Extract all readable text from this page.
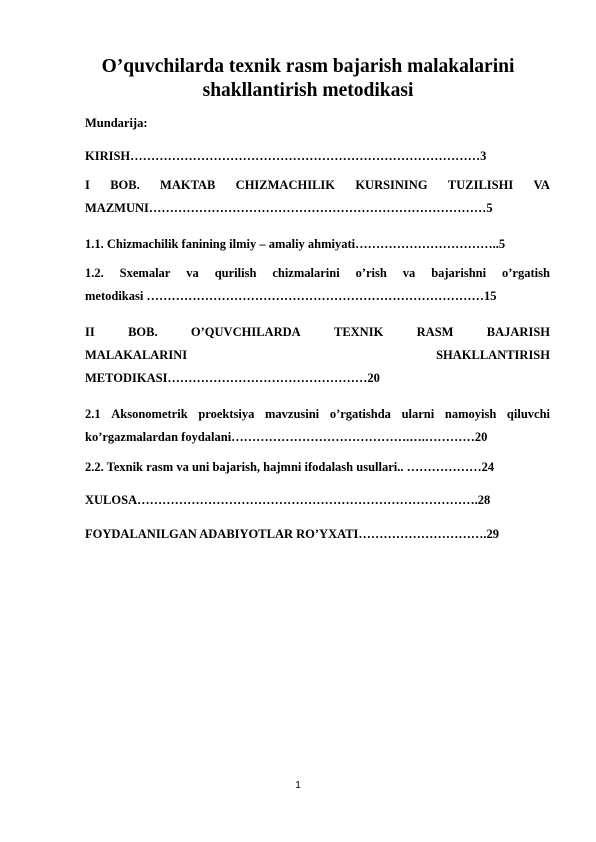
O’quvchilarda texnik rasm bajarish malakalarini
shakllantirish metodikasi
Mundarija:
KIRISH…………………………………………………………………………3
I BOB. MAKTAB CHIZMACHILIK KURSINING TUZILISHI VA
MAZMUNI………………………………………………………………………5
1.1. Chizmachilik fanining ilmiy – amaliy ahmiyati……………………………..5
1.2. Sxemalar va qurilish chizmalarini o’rish va bajarishni o’rgatish
metodikasi ………………………………………………………………………15
II	BOB.	O’QUVCHILARDA	TEXNIK	RASM	BAJARISH
MALAKALARINI	SHAKLLANTIRISH
METODIKASI…………………………………………20
2.1 Aksonometrik proektsiya mavzusini o’rgatishda ularni namoyish qiluvchi
ko’rgazmalardan foydalani…………………………………….….…………20
2.2. Texnik rasm va uni bajarish, hajmni ifodalash usullari.. ………………24
XULOSA……………………………………………………………………….28
FOYDALANILGAN ADABIYOTLAR RO’YXATI………………………….29
1
